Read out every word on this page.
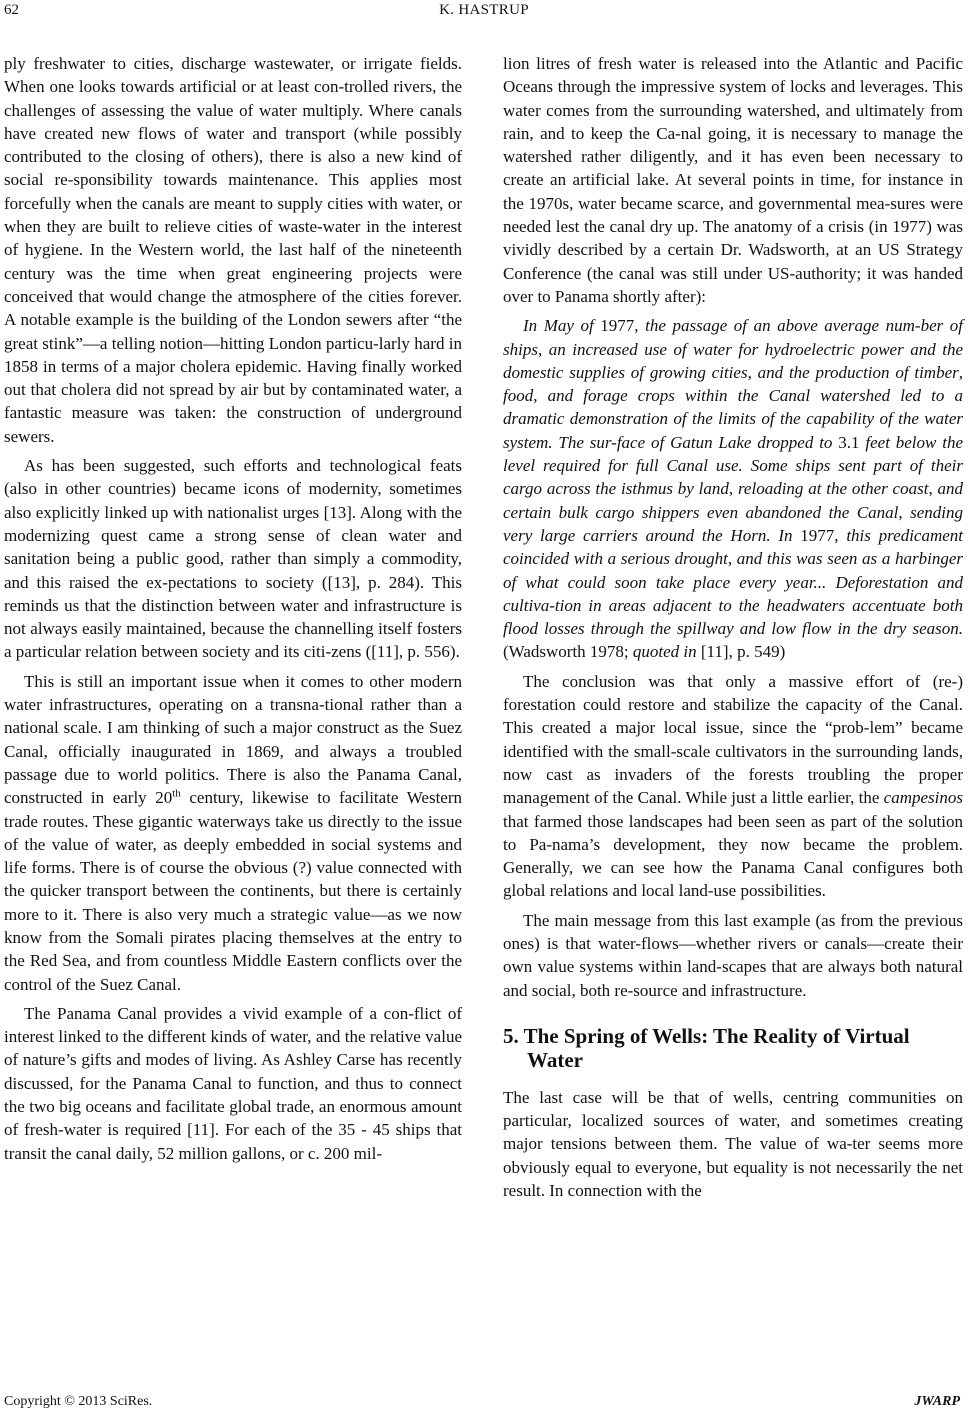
62	K. HASTRUP

ply freshwater to cities, discharge wastewater, or irrigate fields. When one looks towards artificial or at least con-trolled rivers, the challenges of assessing the value of water multiply. Where canals have created new flows of water and transport (while possibly contributed to the closing of others), there is also a new kind of social re-sponsibility towards maintenance. This applies most forcefully when the canals are meant to supply cities with water, or when they are built to relieve cities of waste-water in the interest of hygiene. In the Western world, the last half of the nineteenth century was the time when great engineering projects were conceived that would change the atmosphere of the cities forever. A notable example is the building of the London sewers after “the great stink”—a telling notion—hitting London particu-larly hard in 1858 in terms of a major cholera epidemic. Having finally worked out that cholera did not spread by air but by contaminated water, a fantastic measure was taken: the construction of underground sewers.

As has been suggested, such efforts and technological feats (also in other countries) became icons of modernity, sometimes also explicitly linked up with nationalist urges [13]. Along with the modernizing quest came a strong sense of clean water and sanitation being a public good, rather than simply a commodity, and this raised the ex-pectations to society ([13], p. 284). This reminds us that the distinction between water and infrastructure is not always easily maintained, because the channelling itself fosters a particular relation between society and its citi-zens ([11], p. 556).

This is still an important issue when it comes to other modern water infrastructures, operating on a transna-tional rather than a national scale. I am thinking of such a major construct as the Suez Canal, officially inaugurated in 1869, and always a troubled passage due to world politics. There is also the Panama Canal, constructed in early 20th century, likewise to facilitate Western trade routes. These gigantic waterways take us directly to the issue of the value of water, as deeply embedded in social systems and life forms. There is of course the obvious (?) value connected with the quicker transport between the continents, but there is certainly more to it. There is also very much a strategic value—as we now know from the Somali pirates placing themselves at the entry to the Red Sea, and from countless Middle Eastern conflicts over the control of the Suez Canal.

The Panama Canal provides a vivid example of a con-flict of interest linked to the different kinds of water, and the relative value of nature’s gifts and modes of living. As Ashley Carse has recently discussed, for the Panama Canal to function, and thus to connect the two big oceans and facilitate global trade, an enormous amount of fresh-water is required [11]. For each of the 35 - 45 ships that transit the canal daily, 52 million gallons, or c. 200 mil-

lion litres of fresh water is released into the Atlantic and Pacific Oceans through the impressive system of locks and leverages. This water comes from the surrounding watershed, and ultimately from rain, and to keep the Ca-nal going, it is necessary to manage the watershed rather diligently, and it has even been necessary to create an artificial lake. At several points in time, for instance in the 1970s, water became scarce, and governmental mea-sures were needed lest the canal dry up. The anatomy of a crisis (in 1977) was vividly described by a certain Dr. Wadsworth, at an US Strategy Conference (the canal was still under US-authority; it was handed over to Panama shortly after):

In May of 1977, the passage of an above average num-ber of ships, an increased use of water for hydroelectric power and the domestic supplies of growing cities, and the production of timber, food, and forage crops within the Canal watershed led to a dramatic demonstration of the limits of the capability of the water system. The sur-face of Gatun Lake dropped to 3.1 feet below the level required for full Canal use. Some ships sent part of their cargo across the isthmus by land, reloading at the other coast, and certain bulk cargo shippers even abandoned the Canal, sending very large carriers around the Horn. In 1977, this predicament coincided with a serious drought, and this was seen as a harbinger of what could soon take place every year... Deforestation and cultiva-tion in areas adjacent to the headwaters accentuate both flood losses through the spillway and low flow in the dry season. (Wadsworth 1978; quoted in [11], p. 549)

The conclusion was that only a massive effort of (re-) forestation could restore and stabilize the capacity of the Canal. This created a major local issue, since the “prob-lem” became identified with the small-scale cultivators in the surrounding lands, now cast as invaders of the forests troubling the proper management of the Canal. While just a little earlier, the campesinos that farmed those landscapes had been seen as part of the solution to Pa-nama’s development, they now became the problem. Generally, we can see how the Panama Canal configures both global relations and local land-use possibilities.

The main message from this last example (as from the previous ones) is that water-flows—whether rivers or canals—create their own value systems within land-scapes that are always both natural and social, both re-source and infrastructure.

5. The Spring of Wells: The Reality of Virtual Water

The last case will be that of wells, centring communities on particular, localized sources of water, and sometimes creating major tensions between them. The value of wa-ter seems more obviously equal to everyone, but equality is not necessarily the net result. In connection with the

Copyright © 2013 SciRes.	JWARP
